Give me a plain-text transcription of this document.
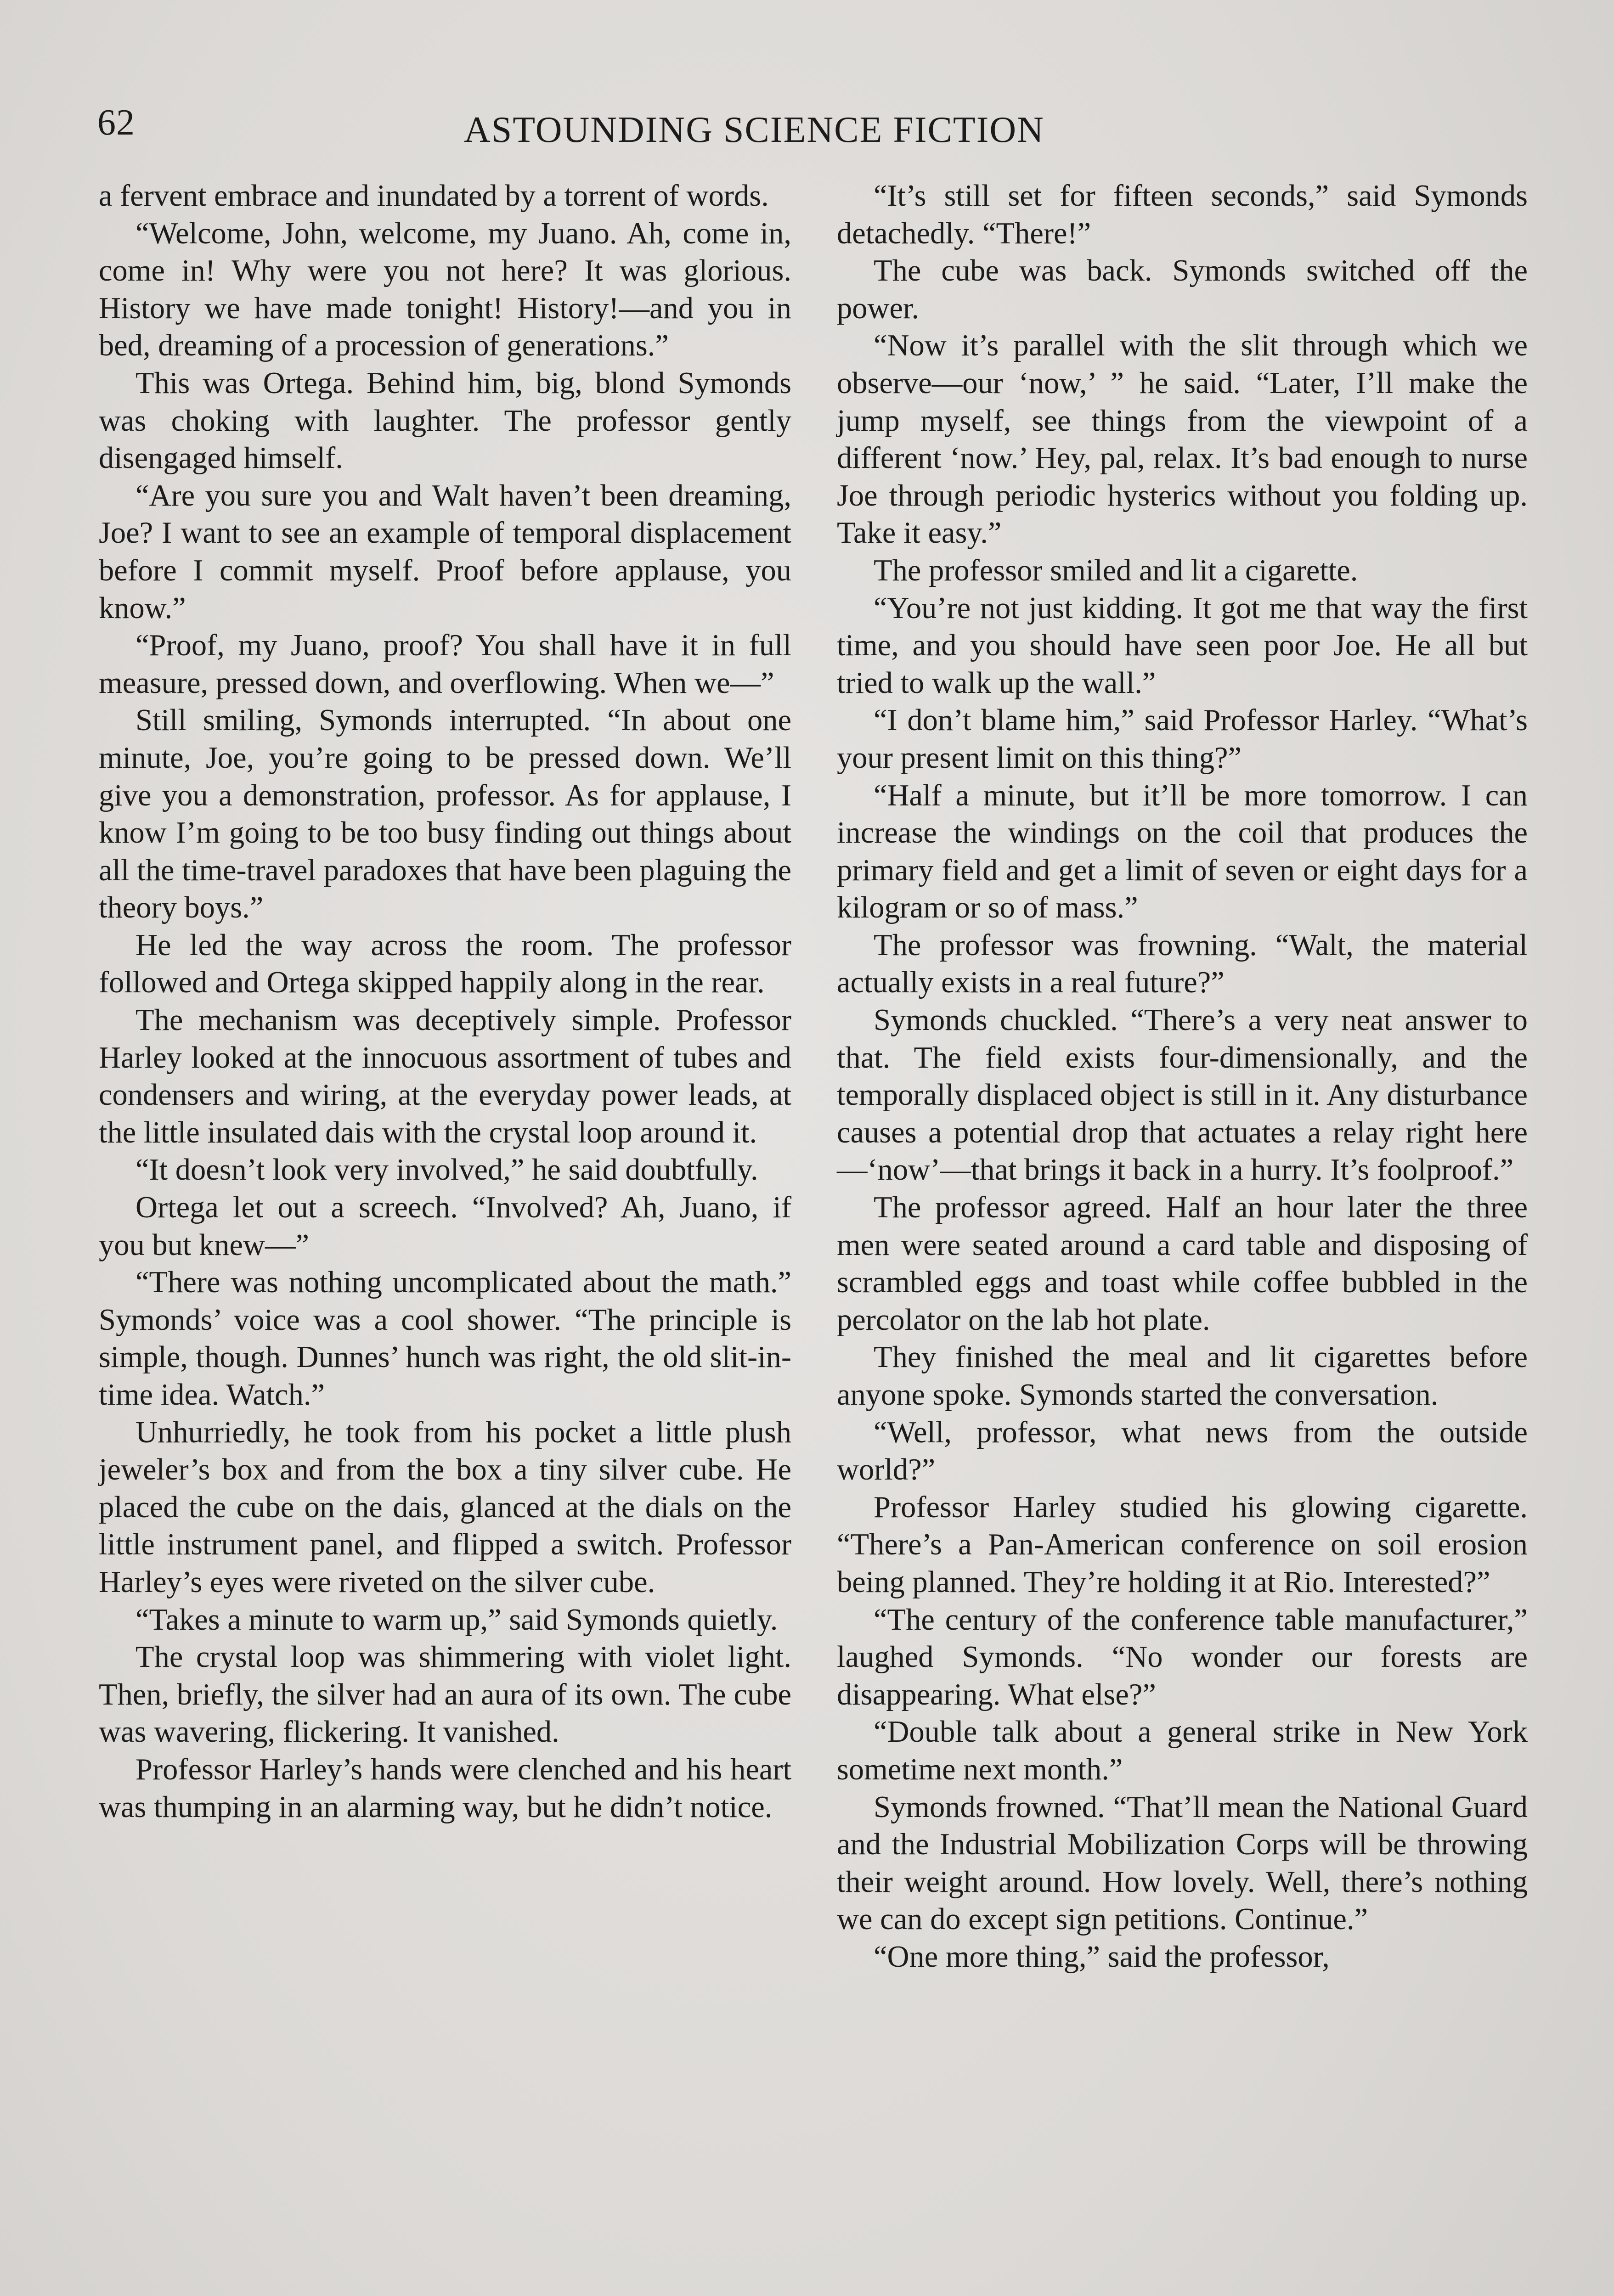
62	ASTOUNDING SCIENCE FICTION

a fervent embrace and inundated by a torrent of words.

“Welcome, John, welcome, my Juano. Ah, come in, come in! Why were you not here? It was glorious. History we have made tonight! History!—and you in bed, dreaming of a procession of generations.”

This was Ortega. Behind him, big, blond Symonds was choking with laughter. The professor gently disengaged himself.

“Are you sure you and Walt haven’t been dreaming, Joe? I want to see an example of temporal displacement before I commit myself. Proof before applause, you know.”

“Proof, my Juano, proof? You shall have it in full measure, pressed down, and overflowing. When we—”

Still smiling, Symonds interrupted. “In about one minute, Joe, you’re going to be pressed down. We’ll give you a demonstration, professor. As for applause, I know I’m going to be too busy finding out things about all the time-travel paradoxes that have been plaguing the theory boys.”

He led the way across the room. The professor followed and Ortega skipped happily along in the rear.

The mechanism was deceptively simple. Professor Harley looked at the innocuous assortment of tubes and condensers and wiring, at the everyday power leads, at the little insulated dais with the crystal loop around it.

“It doesn’t look very involved,” he said doubtfully.

Ortega let out a screech. “Involved? Ah, Juano, if you but knew—”

“There was nothing uncomplicated about the math.” Symonds’ voice was a cool shower. “The principle is simple, though. Dunnes’ hunch was right, the old slit-in-time idea. Watch.”

Unhurriedly, he took from his pocket a little plush jeweler’s box and from the box a tiny silver cube. He placed the cube on the dais, glanced at the dials on the little instrument panel, and flipped a switch. Professor Harley’s eyes were riveted on the silver cube.

“Takes a minute to warm up,” said Symonds quietly.

The crystal loop was shimmering with violet light. Then, briefly, the silver had an aura of its own. The cube was wavering, flickering. It vanished.

Professor Harley’s hands were clenched and his heart was thumping in an alarming way, but he didn’t notice.

“It’s still set for fifteen seconds,” said Symonds detachedly. “There!”

The cube was back. Symonds switched off the power.

“Now it’s parallel with the slit through which we observe—our ‘now,’ ” he said. “Later, I’ll make the jump myself, see things from the viewpoint of a different ‘now.’ Hey, pal, relax. It’s bad enough to nurse Joe through periodic hysterics without you folding up. Take it easy.”

The professor smiled and lit a cigarette.

“You’re not just kidding. It got me that way the first time, and you should have seen poor Joe. He all but tried to walk up the wall.”

“I don’t blame him,” said Professor Harley. “What’s your present limit on this thing?”

“Half a minute, but it’ll be more tomorrow. I can increase the windings on the coil that produces the primary field and get a limit of seven or eight days for a kilogram or so of mass.”

The professor was frowning. “Walt, the material actually exists in a real future?”

Symonds chuckled. “There’s a very neat answer to that. The field exists four-dimensionally, and the temporally displaced object is still in it. Any disturbance causes a potential drop that actuates a relay right here—‘now’—that brings it back in a hurry. It’s foolproof.”

The professor agreed. Half an hour later the three men were seated around a card table and disposing of scrambled eggs and toast while coffee bubbled in the percolator on the lab hot plate.

They finished the meal and lit cigarettes before anyone spoke. Symonds started the conversation.

“Well, professor, what news from the outside world?”

Professor Harley studied his glowing cigarette. “There’s a Pan-American conference on soil erosion being planned. They’re holding it at Rio. Interested?”

“The century of the conference table manufacturer,” laughed Symonds. “No wonder our forests are disappearing. What else?”

“Double talk about a general strike in New York sometime next month.”

Symonds frowned. “That’ll mean the National Guard and the Industrial Mobilization Corps will be throwing their weight around. How lovely. Well, there’s nothing we can do except sign petitions. Continue.”

“One more thing,” said the professor,
